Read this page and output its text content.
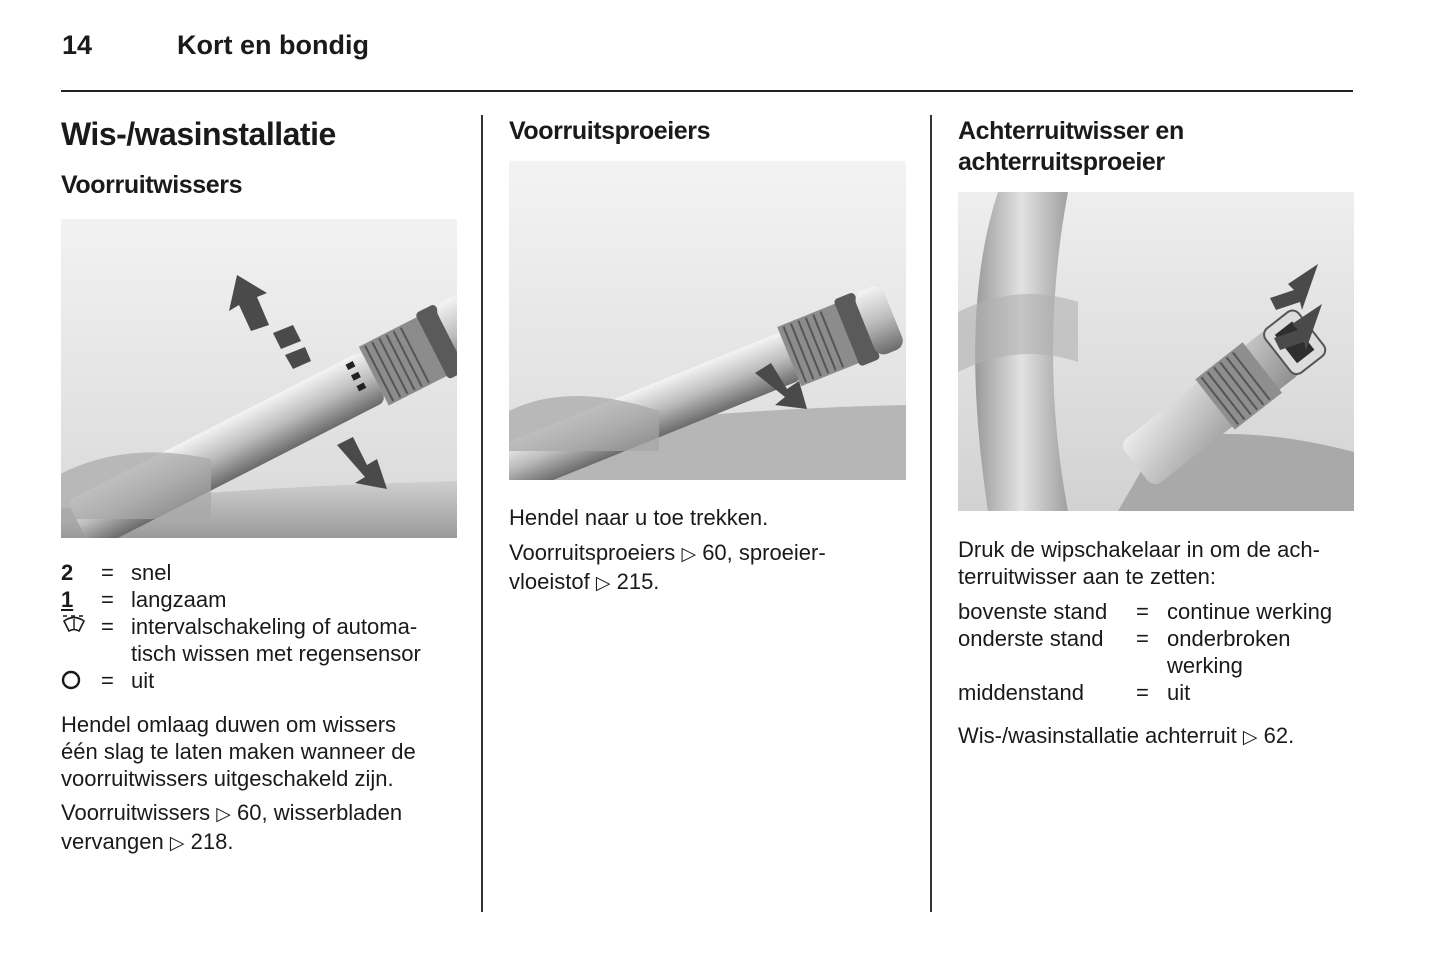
14	Kort en bondig
Wis-/wasinstallatie
Voorruitwissers
2 = snel
1 = langzaam
= intervalschakeling of automa-
tisch wissen met regensensor
= uit

Hendel omlaag duwen om wissers

één slag te laten maken wanneer de

voorruitwissers uitgeschakeld zijn.

Voorruitwissers ▷ 60, wisserbladen

vervangen ▷ 218.

Voorruitsproeiers

Hendel naar u toe trekken.

Voorruitsproeiers ▷ 60, sproeier-

vloeistof ▷ 215.

Achterruitwisser en
achterruitsproeier

Druk de wipschakelaar in om de ach-

terruitwisser aan te zetten:

bovenste stand = continue werking
onderste stand = onderbroken
werking
middenstand = uit

Wis-/wasinstallatie achterruit ▷ 62.
